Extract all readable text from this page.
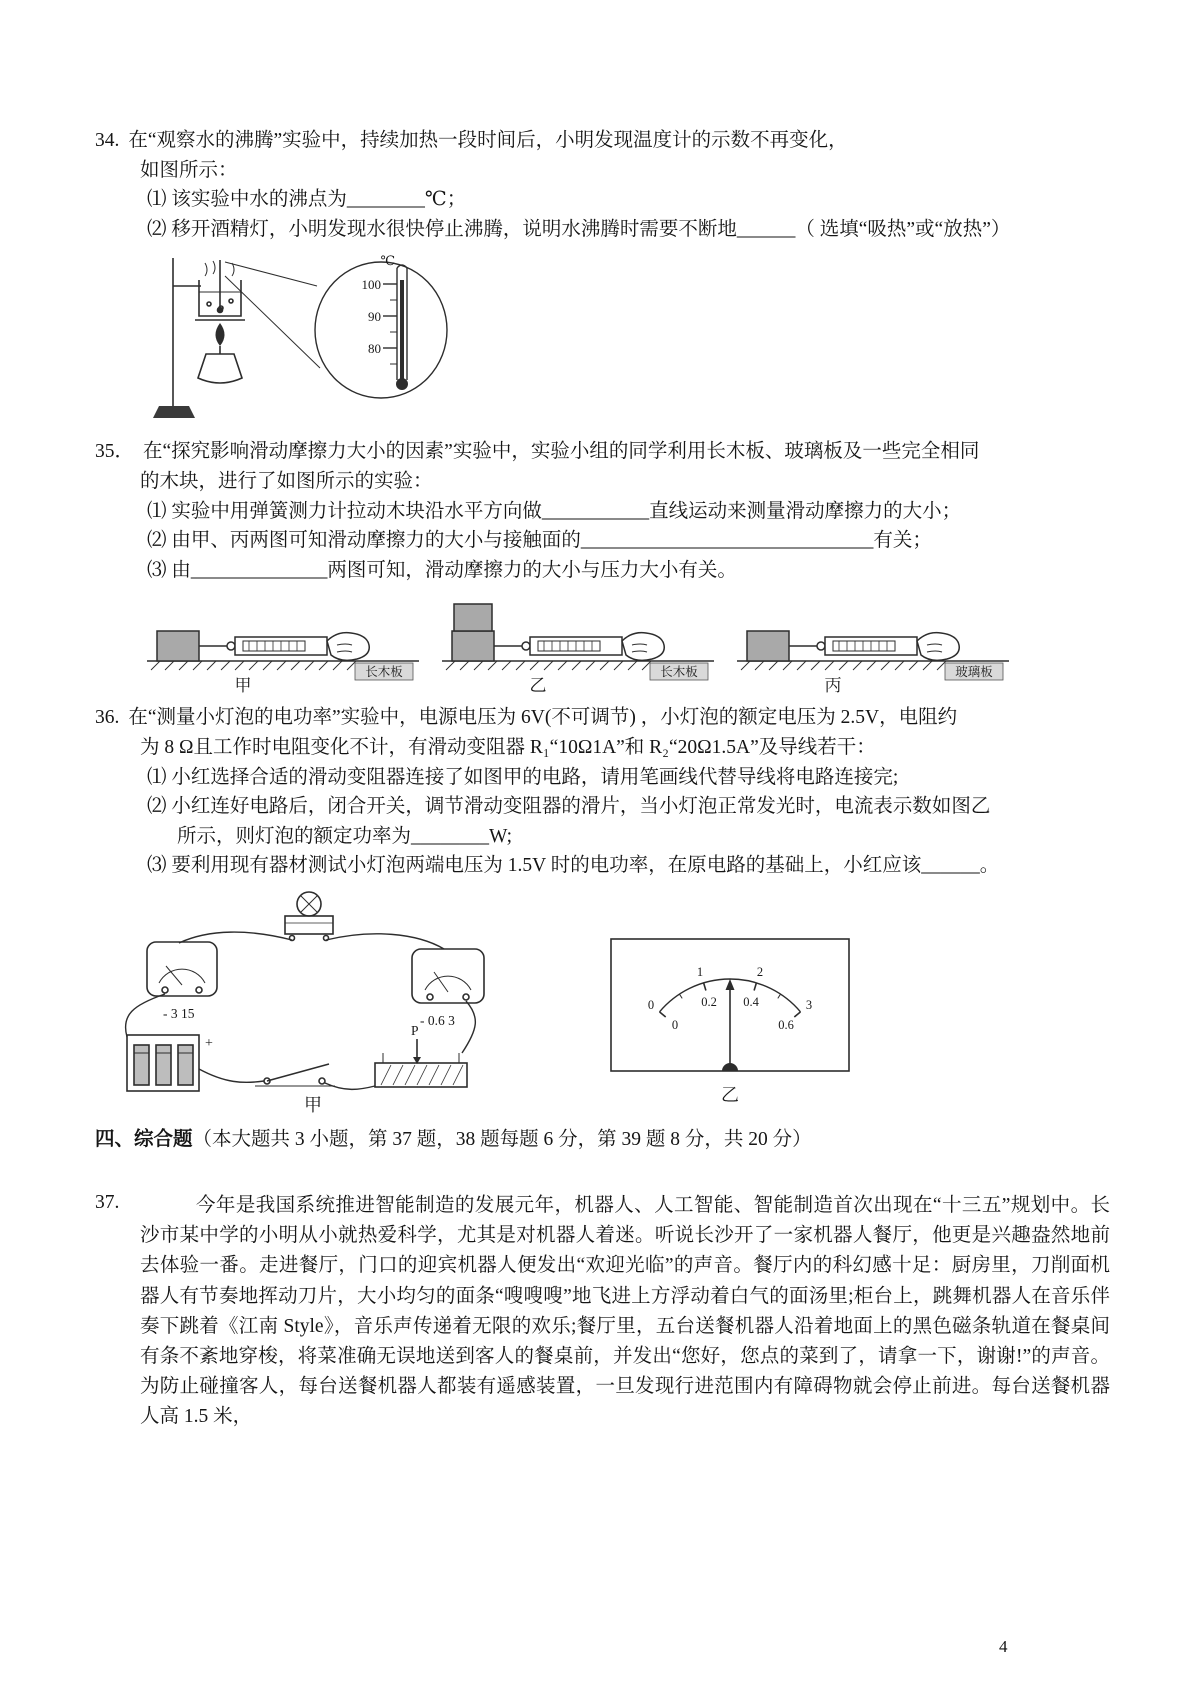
34. 在“观察水的沸腾”实验中，持续加热一段时间后，小明发现温度计的示数不再变化，
如图所示：
⑴ 该实验中水的沸点为________℃；
⑵ 移开酒精灯，小明发现水很快停止沸腾，说明水沸腾时需要不断地______（ 选填“吸热”或“放热”）
℃
100
90
80
35． 在“探究影响滑动摩擦力大小的因素”实验中，实验小组的同学利用长木板、玻璃板及一些完全相同
的木块，进行了如图所示的实验：
⑴ 实验中用弹簧测力计拉动木块沿水平方向做___________直线运动来测量滑动摩擦力的大小；
⑵ 由甲、丙两图可知滑动摩擦力的大小与接触面的______________________________有关；
⑶ 由______________两图可知，滑动摩擦力的大小与压力大小有关。
甲
长木板
乙
长木板
丙
玻璃板
36. 在“测量小灯泡的电功率”实验中，电源电压为 6V(不可调节) ，小灯泡的额定电压为 2.5V，电阻约
为 8 Ω且工作时电阻变化不计，有滑动变阻器 R₁“10Ω1A”和 R₂“20Ω1.5A”及导线若干：
⑴ 小红选择合适的滑动变阻器连接了如图甲的电路，请用笔画线代替导线将电路连接完;
⑵ 小红连好电路后，闭合开关，调节滑动变阻器的滑片，当小灯泡正常发光时，电流表示数如图乙
所示，则灯泡的额定功率为________W;
⑶ 要利用现有器材测试小灯泡两端电压为 1.5V 时的电功率，在原电路的基础上，小红应该______。
- 3 15	- 0.6 3
+
P
甲
0
1	2
3
0
0.2 0.4
0.6
乙
四、综合题（本大题共 3 小题，第 37 题，38 题每题 6 分，第 39 题 8 分，共 20 分）
37.	今年是我国系统推进智能制造的发展元年，机器人、人工智能、智能制造首次出现在“十三五”规划中。长沙市某中学的小明从小就热爱科学，尤其是对机器人着迷。听说长沙开了一家机器人餐厅，他更是兴趣盎然地前去体验一番。走进餐厅，门口的迎宾机器人便发出“欢迎光临”的声音。餐厅内的科幻感十足：厨房里，刀削面机器人有节奏地挥动刀片，大小均匀的面条“嗖嗖嗖”地飞进上方浮动着白气的面汤里;柜台上，跳舞机器人在音乐伴奏下跳着《江南 Style》，音乐声传递着无限的欢乐;餐厅里，五台送餐机器人沿着地面上的黑色磁条轨道在餐桌间有条不紊地穿梭，将菜准确无误地送到客人的餐桌前，并发出“您好，您点的菜到了，请拿一下，谢谢!”的声音。为防止碰撞客人，每台送餐机器人都装有遥感装置，一旦发现行进范围内有障碍物就会停止前进。每台送餐机器人高 1.5 米，

4
